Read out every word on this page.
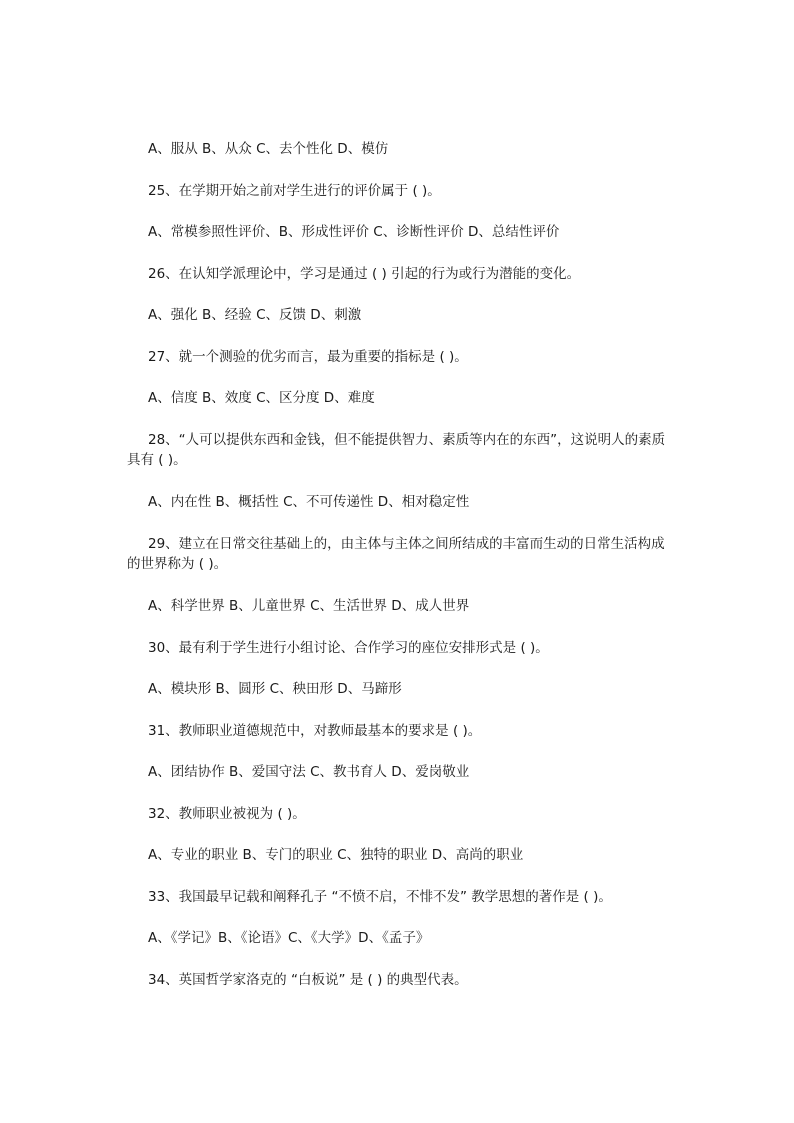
A、服从 B、从众 C、去个性化 D、模仿
25、在学期开始之前对学生进行的评价属于 ( )。
A、常模参照性评价、B、形成性评价 C、诊断性评价 D、总结性评价
26、在认知学派理论中，学习是通过 ( ) 引起的行为或行为潜能的变化。
A、强化 B、经验 C、反馈 D、刺激
27、就一个测验的优劣而言，最为重要的指标是 ( )。
A、信度 B、效度 C、区分度 D、难度
28、“人可以提供东西和金钱，但不能提供智力、素质等内在的东西”，这说明人的素质具有 ( )。
A、内在性 B、概括性 C、不可传递性 D、相对稳定性
29、建立在日常交往基础上的，由主体与主体之间所结成的丰富而生动的日常生活构成的世界称为 ( )。
A、科学世界 B、儿童世界 C、生活世界 D、成人世界
30、最有利于学生进行小组讨论、合作学习的座位安排形式是 ( )。
A、模块形 B、圆形 C、秧田形 D、马蹄形
31、教师职业道德规范中，对教师最基本的要求是 ( )。
A、团结协作 B、爱国守法 C、教书育人 D、爱岗敬业
32、教师职业被视为 ( )。
A、专业的职业 B、专门的职业 C、独特的职业 D、高尚的职业
33、我国最早记载和阐释孔子 “不愤不启，不悱不发” 教学思想的著作是 ( )。
A、《学记》B、《论语》C、《大学》D、《孟子》
34、英国哲学家洛克的 “白板说” 是 ( ) 的典型代表。
